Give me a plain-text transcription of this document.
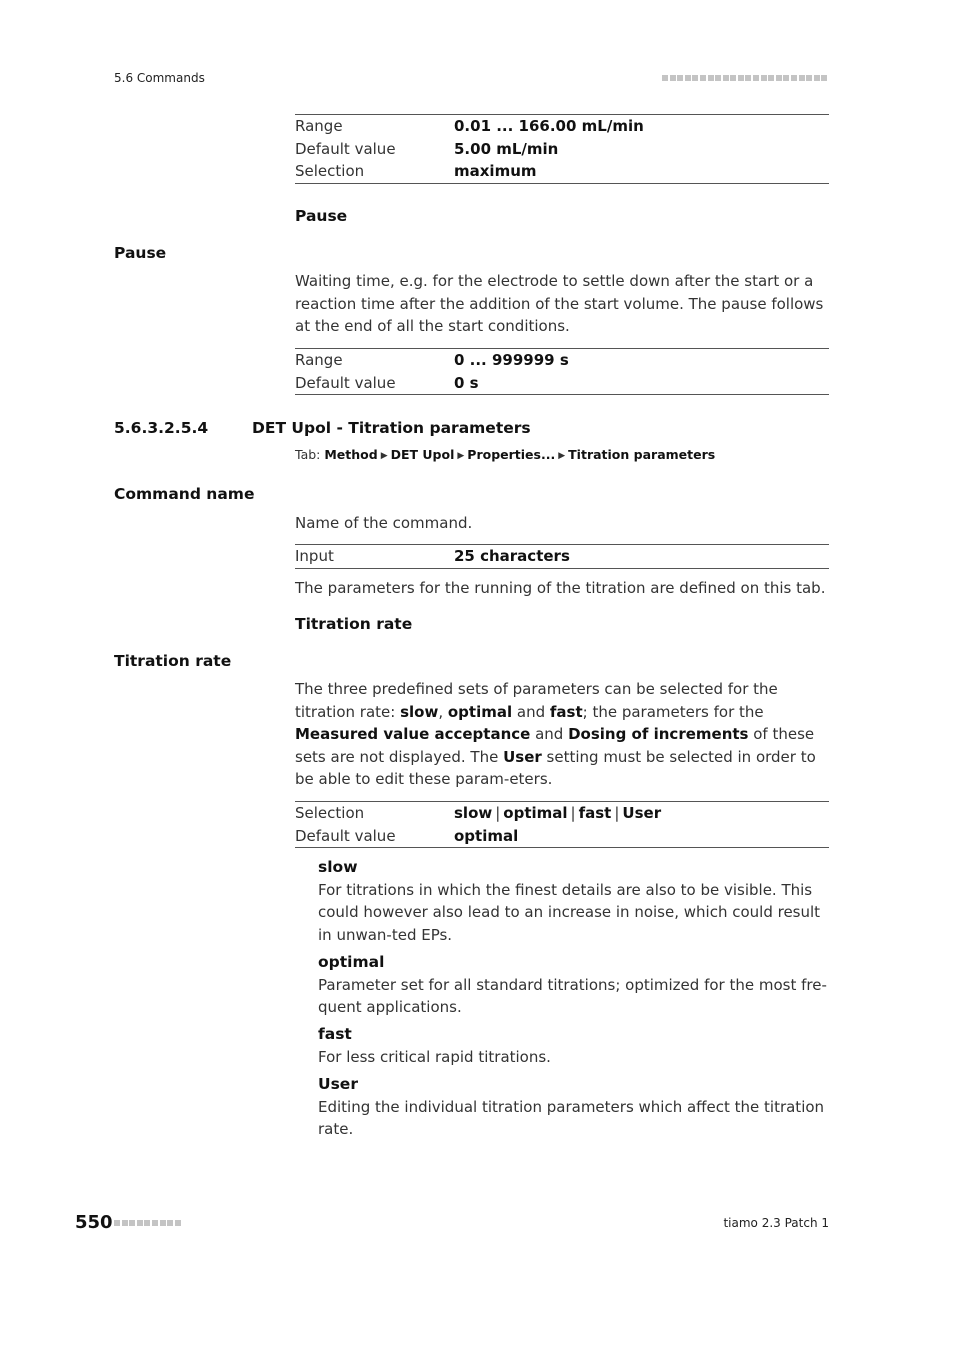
5.6 Commands
Range	0.01 ... 166.00 mL/min
Default value	5.00 mL/min
Selection	maximum
Pause
Pause
Waiting time, e.g. for the electrode to settle down after the start or a reaction time after the addition of the start volume. The pause follows at the end of all the start conditions.
Range	0 ... 999999 s
Default value	0 s
5.6.3.2.5.4	DET Upol - Titration parameters
Tab: Method ▶ DET Upol ▶ Properties... ▶ Titration parameters
Command name
Name of the command.
Input	25 characters
The parameters for the running of the titration are defined on this tab.
Titration rate
Titration rate
The three predefined sets of parameters can be selected for the titration rate: slow, optimal and fast; the parameters for the Measured value acceptance and Dosing of increments of these sets are not displayed. The User setting must be selected in order to be able to edit these param-eters.
Selection	slow | optimal | fast | User
Default value	optimal
slow
For titrations in which the finest details are also to be visible. This could however also lead to an increase in noise, which could result in unwan-ted EPs.
optimal
Parameter set for all standard titrations; optimized for the most fre-quent applications.
fast
For less critical rapid titrations.
User
Editing the individual titration parameters which affect the titration rate.
550	tiamo 2.3 Patch 1
